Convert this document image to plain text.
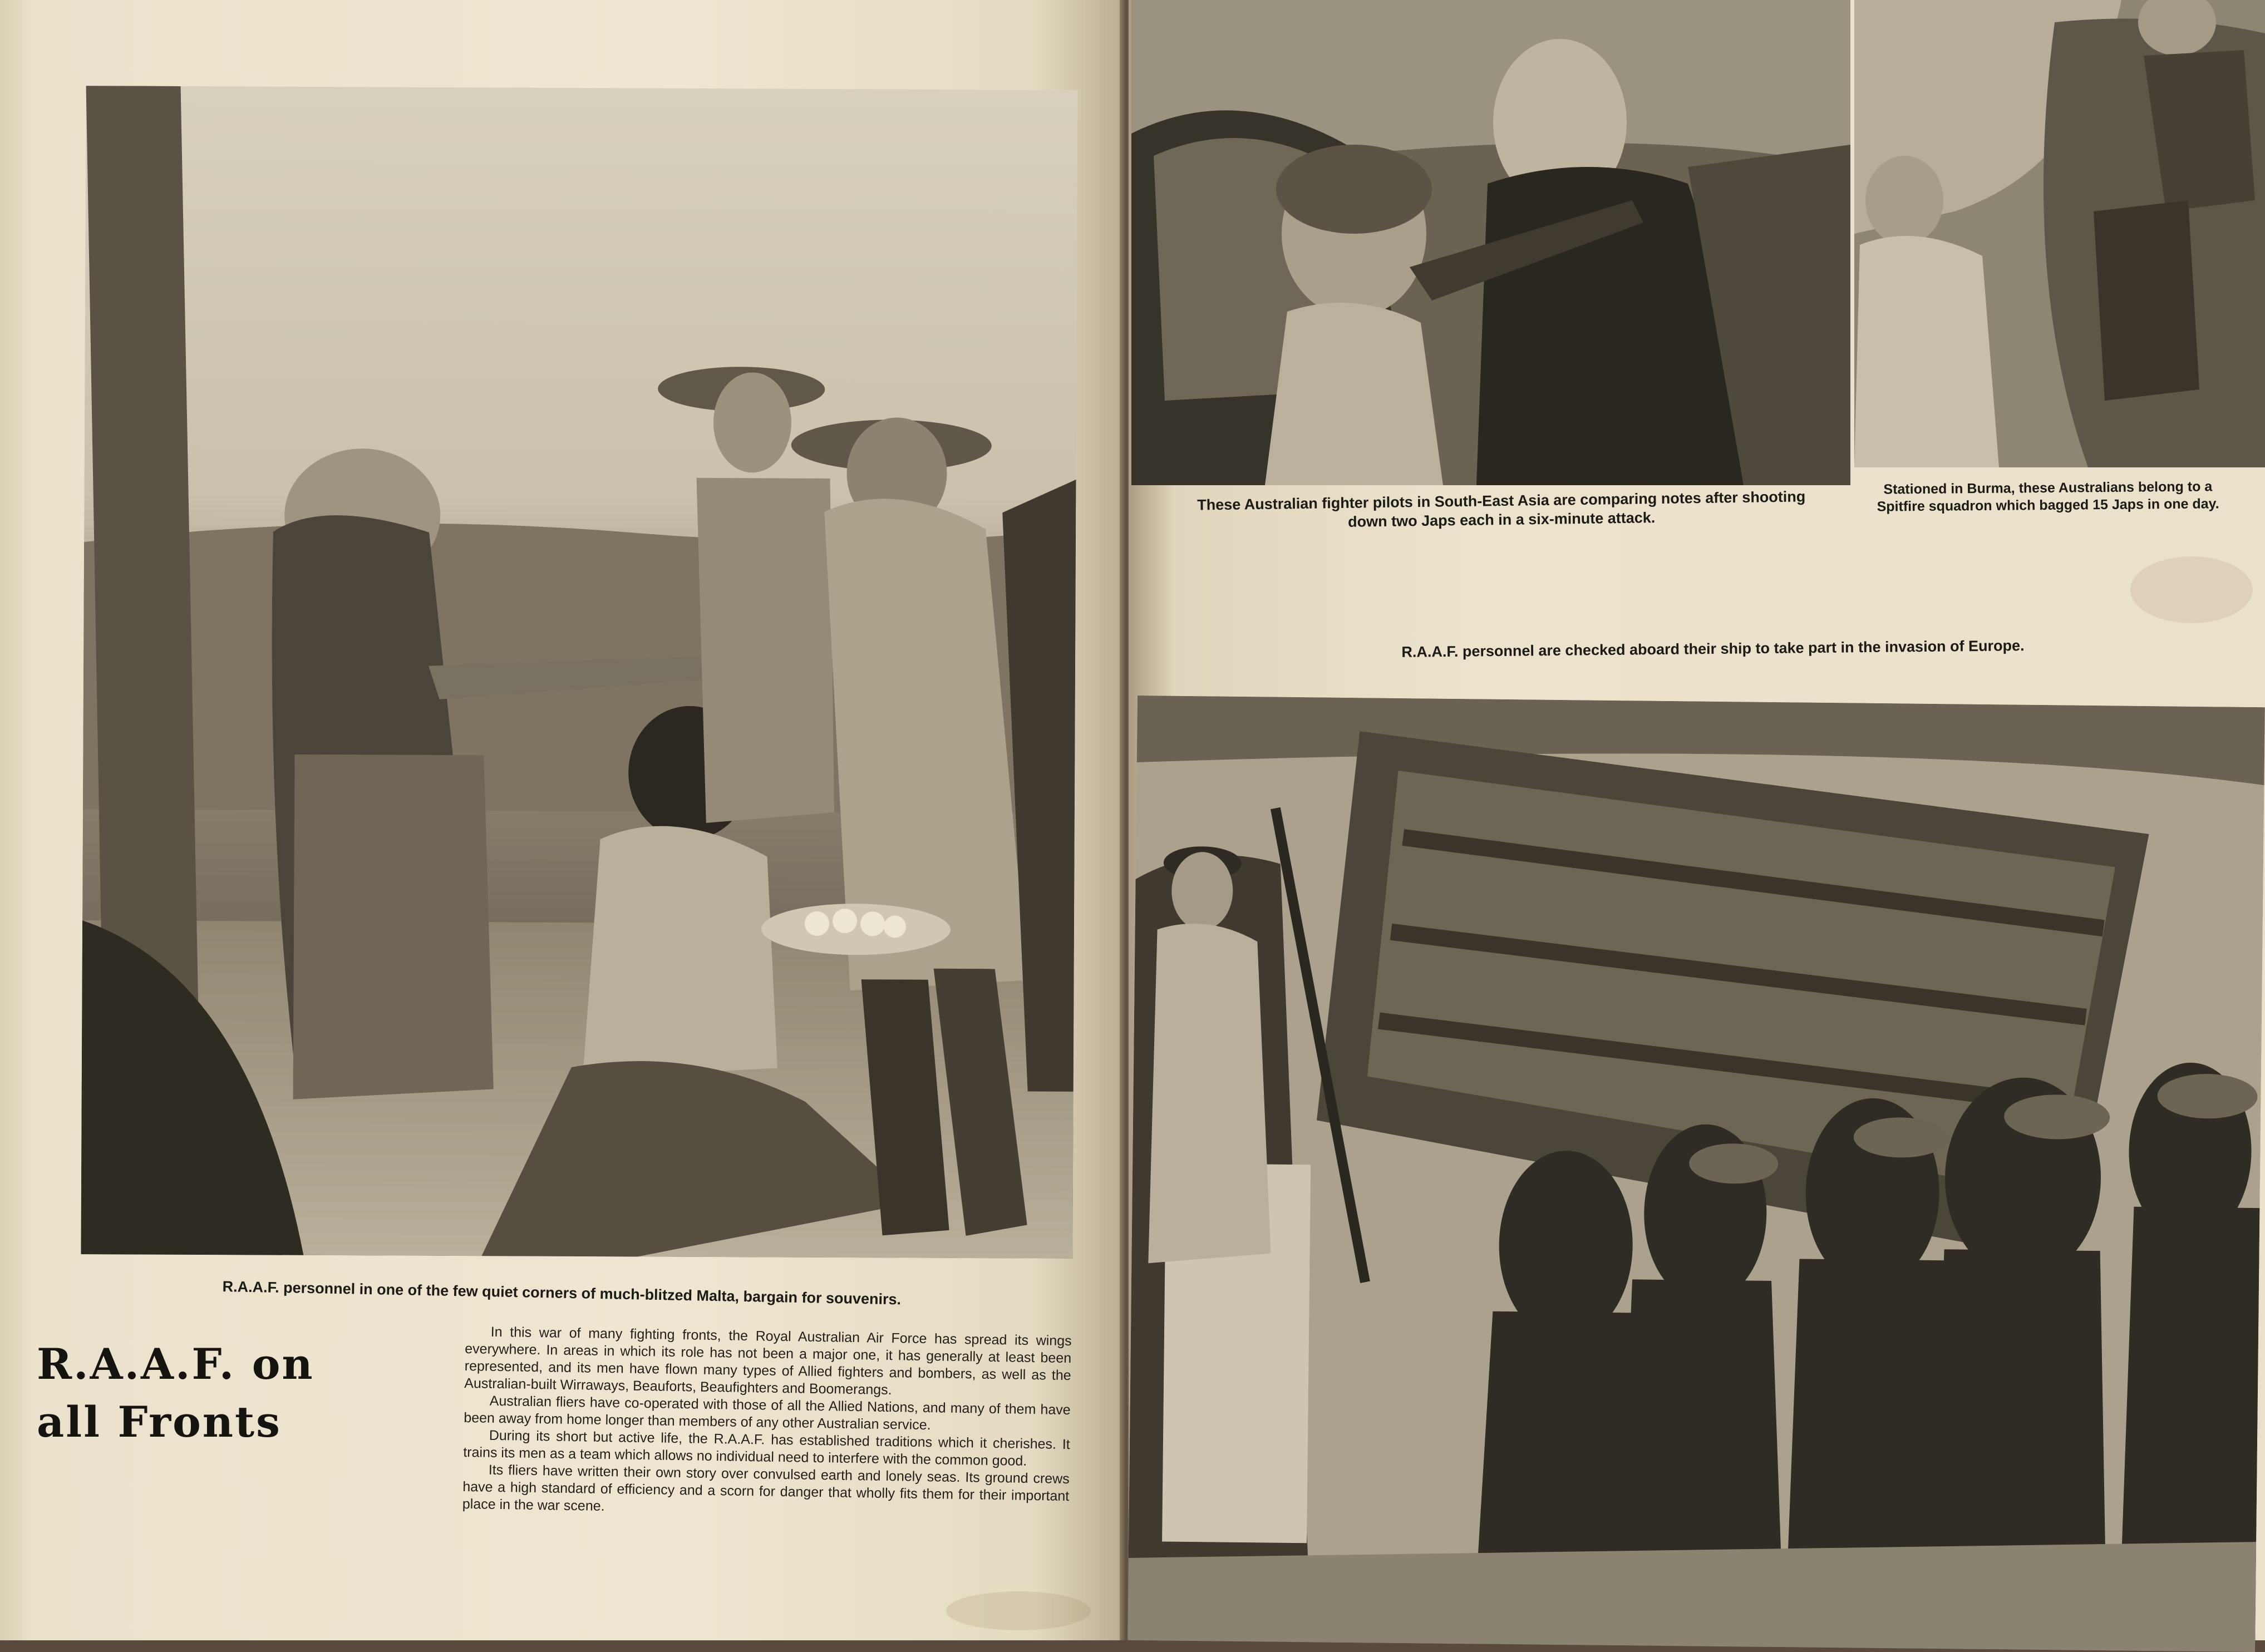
R.A.A.F. personnel in one of the few quiet corners of much-blitzed Malta, bargain for souvenirs.

R.A.A.F. on
all Fronts

In this war of many fighting fronts, the Royal Australian Air Force has spread its wings everywhere. In areas in which its role has not been a major one, it has generally at least been represented, and its men have flown many types of Allied fighters and bombers, as well as the Australian-built Wirraways, Beauforts, Beaufighters and Boomerangs.

Australian fliers have co-operated with those of all the Allied Nations, and many of them have been away from home longer than members of any other Australian service.

During its short but active life, the R.A.A.F. has established traditions which it cherishes. It trains its men as a team which allows no individual need to interfere with the common good.

Its fliers have written their own story over convulsed earth and lonely seas. Its ground crews have a high standard of efficiency and a scorn for danger that wholly fits them for their important place in the war scene.

These Australian fighter pilots in South-East Asia are comparing notes after shooting down two Japs each in a six-minute attack.

Stationed in Burma, these Australians belong to a Spitfire squadron which bagged 15 Japs in one day.

R.A.A.F. personnel are checked aboard their ship to take part in the invasion of Europe.
